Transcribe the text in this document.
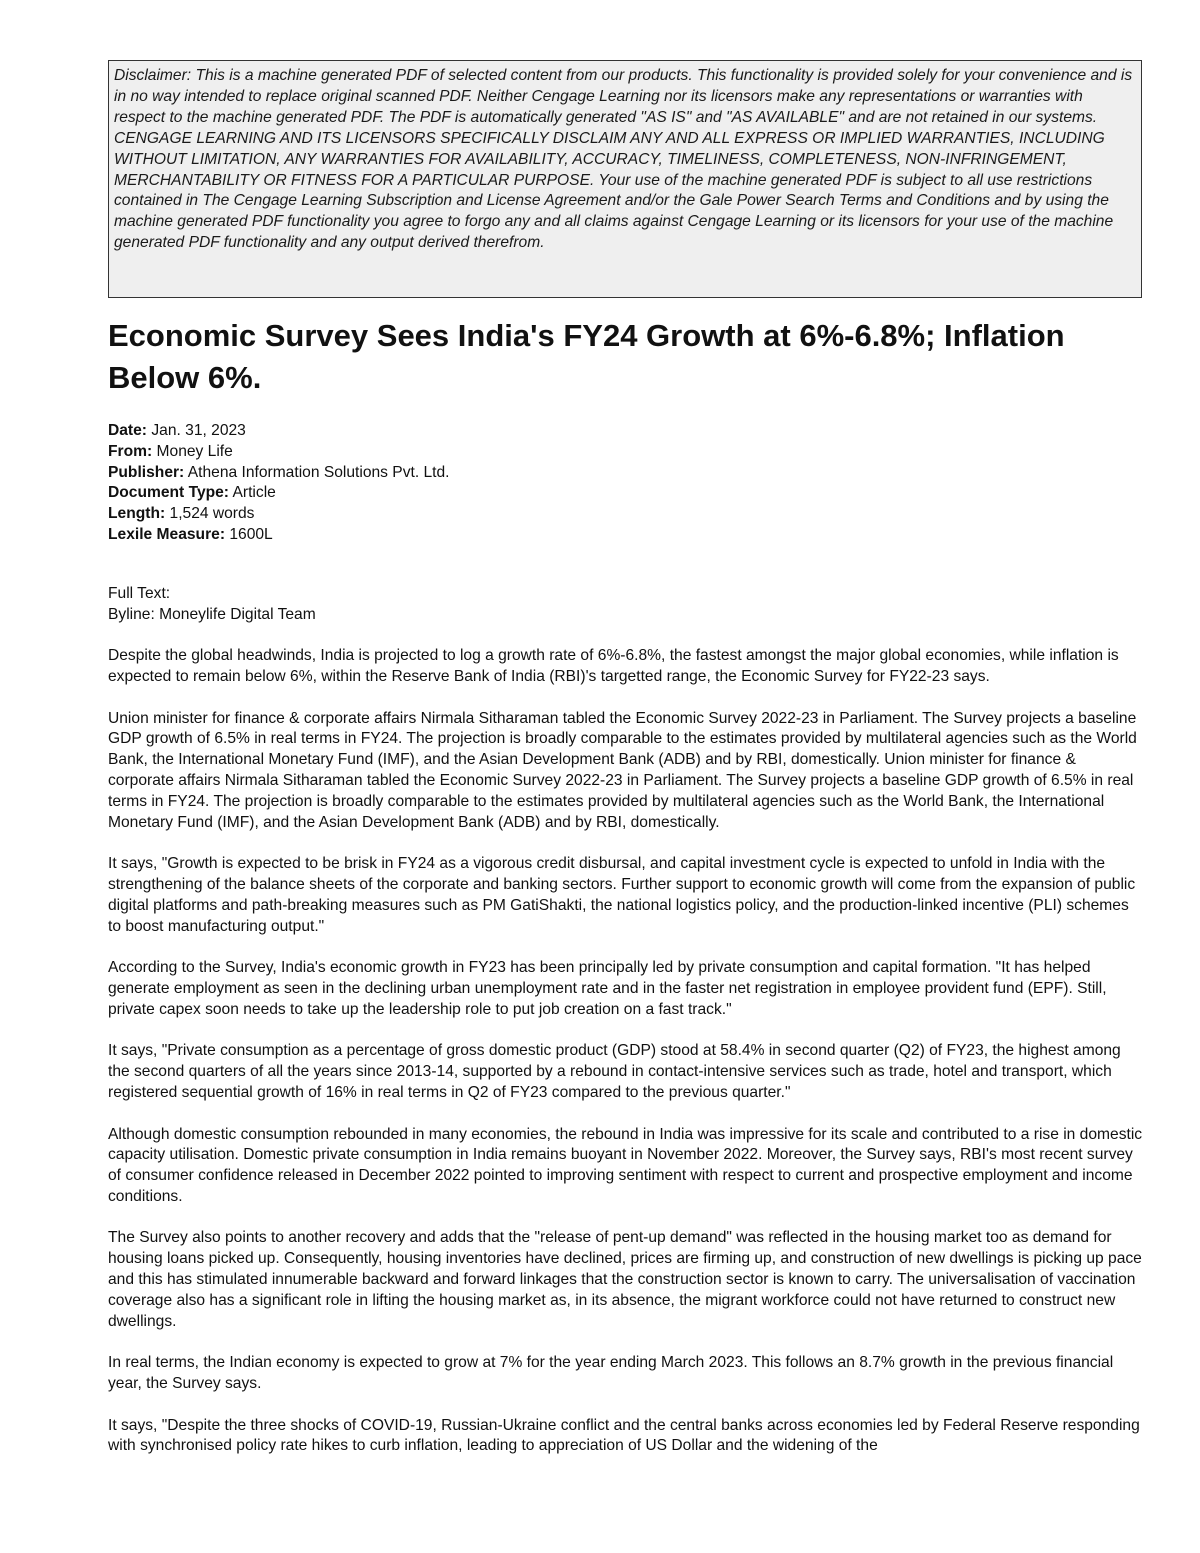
Disclaimer: This is a machine generated PDF of selected content from our products. This functionality is provided solely for your convenience and is in no way intended to replace original scanned PDF. Neither Cengage Learning nor its licensors make any representations or warranties with respect to the machine generated PDF. The PDF is automatically generated "AS IS" and "AS AVAILABLE" and are not retained in our systems. CENGAGE LEARNING AND ITS LICENSORS SPECIFICALLY DISCLAIM ANY AND ALL EXPRESS OR IMPLIED WARRANTIES, INCLUDING WITHOUT LIMITATION, ANY WARRANTIES FOR AVAILABILITY, ACCURACY, TIMELINESS, COMPLETENESS, NON-INFRINGEMENT, MERCHANTABILITY OR FITNESS FOR A PARTICULAR PURPOSE. Your use of the machine generated PDF is subject to all use restrictions contained in The Cengage Learning Subscription and License Agreement and/or the Gale Power Search Terms and Conditions and by using the machine generated PDF functionality you agree to forgo any and all claims against Cengage Learning or its licensors for your use of the machine generated PDF functionality and any output derived therefrom.
Economic Survey Sees India's FY24 Growth at 6%-6.8%; Inflation Below 6%.
Date: Jan. 31, 2023
From: Money Life
Publisher: Athena Information Solutions Pvt. Ltd.
Document Type: Article
Length: 1,524 words
Lexile Measure: 1600L

Full Text:

Byline: Moneylife Digital Team

Despite the global headwinds, India is projected to log a growth rate of 6%-6.8%, the fastest amongst the major global economies, while inflation is expected to remain below 6%, within the Reserve Bank of India (RBI)'s targetted range, the Economic Survey for FY22-23 says.

Union minister for finance & corporate affairs Nirmala Sitharaman tabled the Economic Survey 2022-23 in Parliament. The Survey projects a baseline GDP growth of 6.5% in real terms in FY24. The projection is broadly comparable to the estimates provided by multilateral agencies such as the World Bank, the International Monetary Fund (IMF), and the Asian Development Bank (ADB) and by RBI, domestically. Union minister for finance & corporate affairs Nirmala Sitharaman tabled the Economic Survey 2022-23 in Parliament. The Survey projects a baseline GDP growth of 6.5% in real terms in FY24. The projection is broadly comparable to the estimates provided by multilateral agencies such as the World Bank, the International Monetary Fund (IMF), and the Asian Development Bank (ADB) and by RBI, domestically.

It says, "Growth is expected to be brisk in FY24 as a vigorous credit disbursal, and capital investment cycle is expected to unfold in India with the strengthening of the balance sheets of the corporate and banking sectors. Further support to economic growth will come from the expansion of public digital platforms and path-breaking measures such as PM GatiShakti, the national logistics policy, and the production-linked incentive (PLI) schemes to boost manufacturing output."

According to the Survey, India's economic growth in FY23 has been principally led by private consumption and capital formation. "It has helped generate employment as seen in the declining urban unemployment rate and in the faster net registration in employee provident fund (EPF). Still, private capex soon needs to take up the leadership role to put job creation on a fast track."

It says, "Private consumption as a percentage of gross domestic product (GDP) stood at 58.4% in second quarter (Q2) of FY23, the highest among the second quarters of all the years since 2013-14, supported by a rebound in contact-intensive services such as trade, hotel and transport, which registered sequential growth of 16% in real terms in Q2 of FY23 compared to the previous quarter."

Although domestic consumption rebounded in many economies, the rebound in India was impressive for its scale and contributed to a rise in domestic capacity utilisation. Domestic private consumption in India remains buoyant in November 2022. Moreover, the Survey says, RBI's most recent survey of consumer confidence released in December 2022 pointed to improving sentiment with respect to current and prospective employment and income conditions.

The Survey also points to another recovery and adds that the "release of pent-up demand" was reflected in the housing market too as demand for housing loans picked up. Consequently, housing inventories have declined, prices are firming up, and construction of new dwellings is picking up pace and this has stimulated innumerable backward and forward linkages that the construction sector is known to carry. The universalisation of vaccination coverage also has a significant role in lifting the housing market as, in its absence, the migrant workforce could not have returned to construct new dwellings.

In real terms, the Indian economy is expected to grow at 7% for the year ending March 2023. This follows an 8.7% growth in the previous financial year, the Survey says.

It says, "Despite the three shocks of COVID-19, Russian-Ukraine conflict and the central banks across economies led by Federal Reserve responding with synchronised policy rate hikes to curb inflation, leading to appreciation of US Dollar and the widening of the
